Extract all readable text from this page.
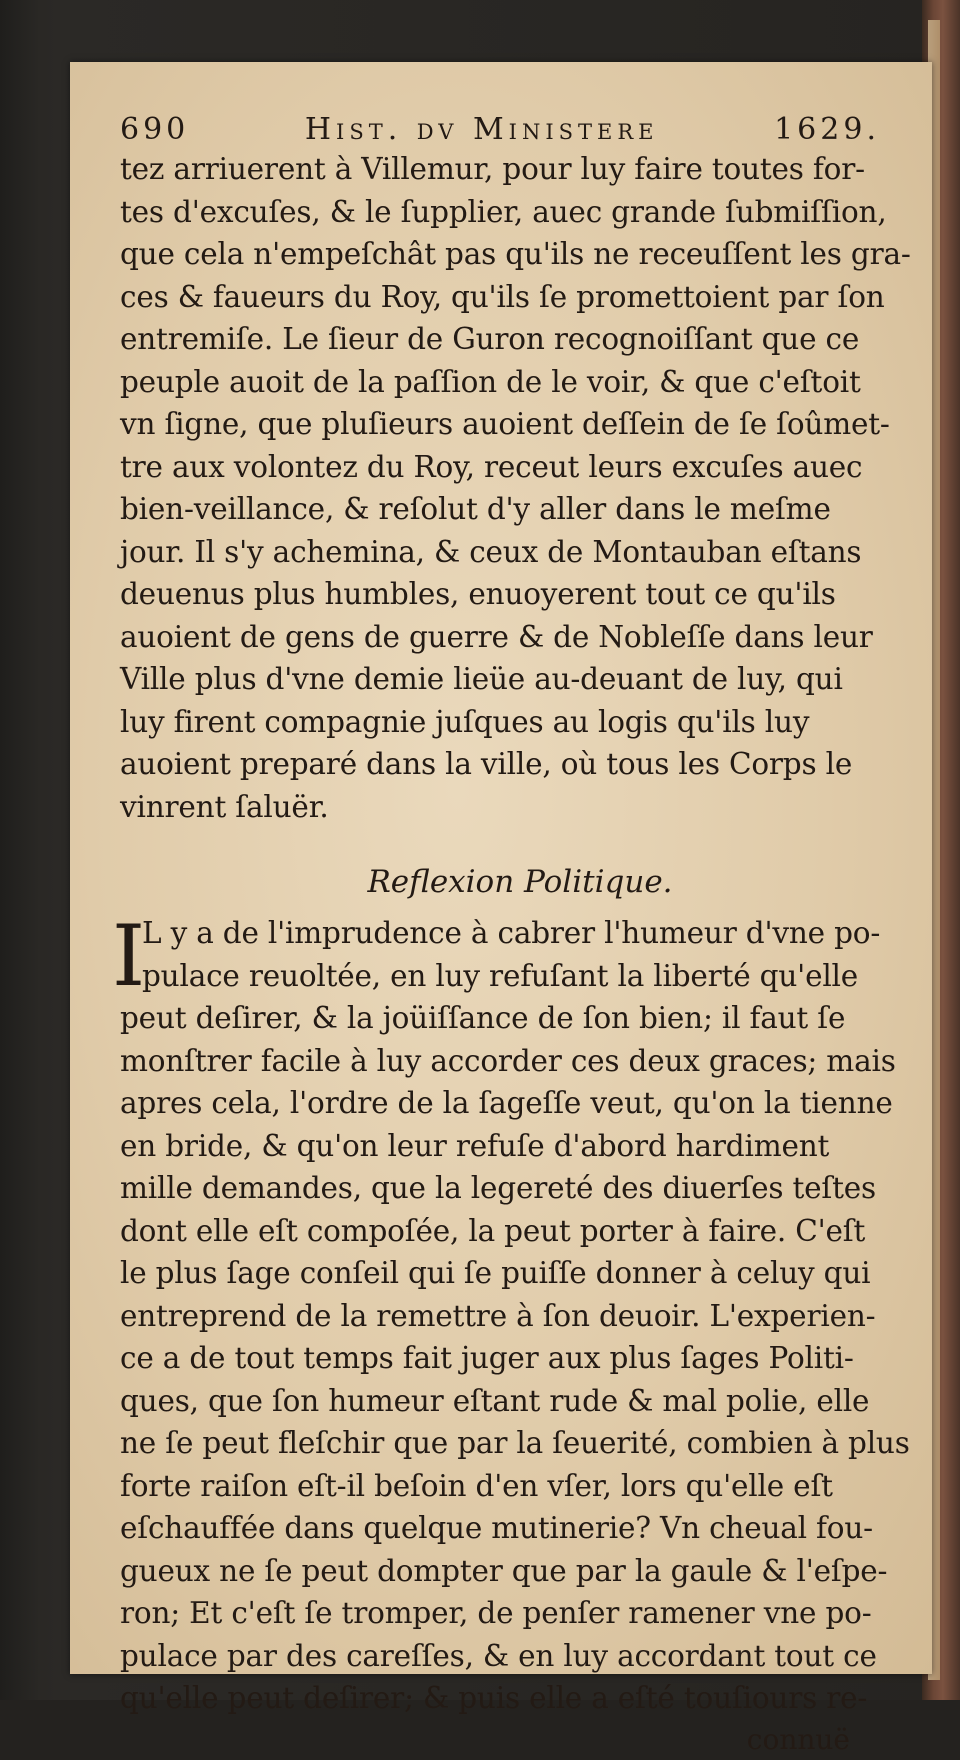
690	Hist. dv Ministere	1629.
tez arriuerent à Villemur, pour luy faire toutes for-
tes d'excuſes, & le ſupplier, auec grande ſubmiſſion,
que cela n'empeſchât pas qu'ils ne receuſſent les gra-
ces & faueurs du Roy, qu'ils ſe promettoient par ſon
entremiſe. Le ſieur de Guron recognoiſſant que ce
peuple auoit de la paſſion de le voir, & que c'eſtoit
vn ſigne, que pluſieurs auoient deſſein de ſe ſoûmet-
tre aux volontez du Roy, receut leurs excuſes auec
bien-veillance, & reſolut d'y aller dans le meſme
jour. Il s'y achemina, & ceux de Montauban eſtans
deuenus plus humbles, enuoyerent tout ce qu'ils
auoient de gens de guerre & de Nobleſſe dans leur
Ville plus d'vne demie lieüe au-deuant de luy, qui
luy firent compagnie juſques au logis qu'ils luy
auoient preparé dans la ville, où tous les Corps le
vinrent ſaluër.
Reflexion Politique.
I
L y a de l'imprudence à cabrer l'humeur d'vne po-
pulace reuoltée, en luy refuſant la liberté qu'elle
peut deſirer, & la joüiſſance de ſon bien; il faut ſe
monſtrer facile à luy accorder ces deux graces; mais
apres cela, l'ordre de la ſageſſe veut, qu'on la tienne
en bride, & qu'on leur refuſe d'abord hardiment
mille demandes, que la legereté des diuerſes teſtes
dont elle eſt compoſée, la peut porter à faire. C'eſt
le plus ſage conſeil qui ſe puiſſe donner à celuy qui
entreprend de la remettre à ſon deuoir. L'experien-
ce a de tout temps fait juger aux plus ſages Politi-
ques, que ſon humeur eſtant rude & mal polie, elle
ne ſe peut fleſchir que par la ſeuerité, combien à plus
forte raiſon eſt-il beſoin d'en vſer, lors qu'elle eſt
eſchauffée dans quelque mutinerie? Vn cheual fou-
gueux ne ſe peut dompter que par la gaule & l'eſpe-
ron; Et c'eſt ſe tromper, de penſer ramener vne po-
pulace par des careſſes, & en luy accordant tout ce
qu'elle peut deſirer; & puis elle a eſté touſiours re-
connuë
